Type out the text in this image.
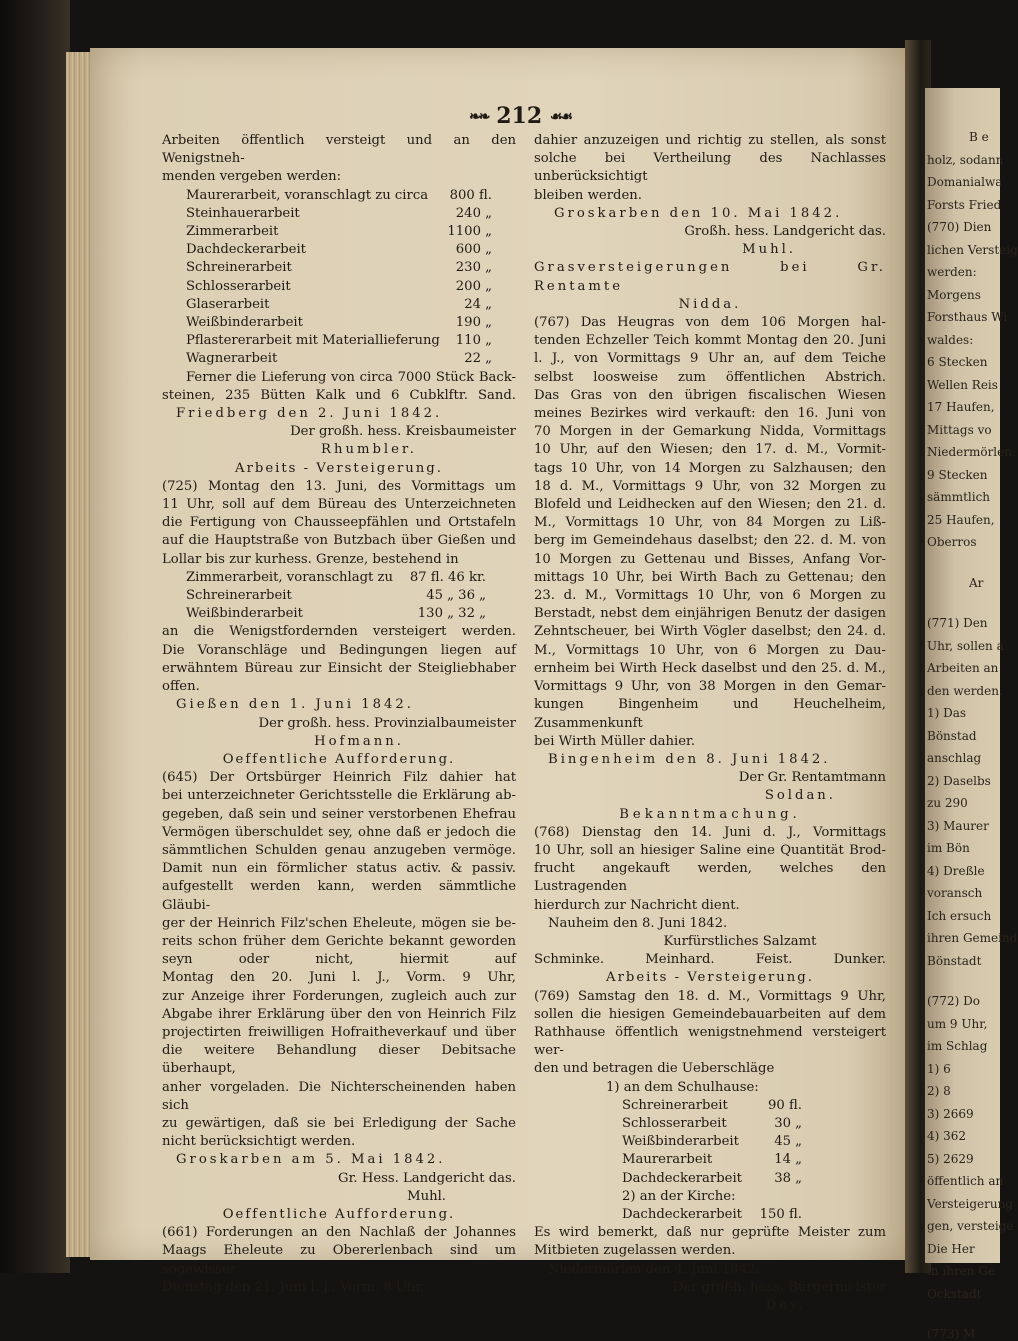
B e
holz, sodann
Domanialwa
Forsts Fried
(770) Dien
lichen Versteig
werden:
Morgens
Forsthaus Wi
waldes:
6 Stecken
Wellen Reis
17 Haufen,
Mittags vo
Niedermörlen:
9 Stecken
sämmtlich
25 Haufen,
Oberros
Ar
(771) Den
Uhr, sollen a
Arbeiten an
den werden.
1) Das
Bönstad
anschlag
2) Daselbs
zu 290
3) Maurer
im Bön
4) Dreßle
voransch
Ich ersuch
ihren Gemeind
Bönstadt
(772) Do
um 9 Uhr,
im Schlag
1) 6
2) 8
3) 2669
4) 362
5) 2629
öffentlich an
Versteigerung
gen, versteige
Die Her
in ihren Ge
Ockstadt
(773) M
❧❧ 212 ☙☙
Arbeiten öffentlich versteigt und an den Wenigstneh-
menden vergeben werden:
Maurerarbeit, voranschlagt zu circa 800 fl.
Steinhauerarbeit	240 „
Zimmerarbeit	1100 „
Dachdeckerarbeit	600 „
Schreinerarbeit	230 „
Schlosserarbeit	200 „
Glaserarbeit	24 „
Weißbinderarbeit	190 „
Pflastererarbeit mit Materiallieferung 110 „
Wagnerarbeit	22 „
Ferner die Lieferung von circa 7000 Stück Back-
steinen, 235 Bütten Kalk und 6 Cubklftr. Sand.
Friedberg den 2. Juni 1842.
Der großh. hess. Kreisbaumeister
Rhumbler.
Arbeits - Versteigerung.
(725) Montag den 13. Juni, des Vormittags um
11 Uhr, soll auf dem Büreau des Unterzeichneten
die Fertigung von Chausseepfählen und Ortstafeln
auf die Hauptstraße von Butzbach über Gießen und
Lollar bis zur kurhess. Grenze, bestehend in
Zimmerarbeit, voranschlagt zu 87 fl. 46 kr.
Schreinerarbeit	45 „ 36 „
Weißbinderarbeit	130 „ 32 „
an die Wenigstfordernden versteigert werden.
Die Voranschläge und Bedingungen liegen auf
erwähntem Büreau zur Einsicht der Steigliebhaber
offen.
Gießen den 1. Juni 1842.
Der großh. hess. Provinzialbaumeister
Hofmann.
Oeffentliche Aufforderung.
(645) Der Ortsbürger Heinrich Filz dahier hat
bei unterzeichneter Gerichtsstelle die Erklärung ab-
gegeben, daß sein und seiner verstorbenen Ehefrau
Vermögen überschuldet sey, ohne daß er jedoch die
sämmtlichen Schulden genau anzugeben vermöge.
Damit nun ein förmlicher status activ. & passiv.
aufgestellt werden kann, werden sämmtliche Gläubi-
ger der Heinrich Filz'schen Eheleute, mögen sie be-
reits schon früher dem Gerichte bekannt geworden
seyn oder nicht, hiermit auf
Montag den 20. Juni l. J., Vorm. 9 Uhr,
zur Anzeige ihrer Forderungen, zugleich auch zur
Abgabe ihrer Erklärung über den von Heinrich Filz
projectirten freiwilligen Hofraitheverkauf und über
die weitere Behandlung dieser Debitsache überhaupt,
anher vorgeladen. Die Nichterscheinenden haben sich
zu gewärtigen, daß sie bei Erledigung der Sache
nicht berücksichtigt werden.
Groskarben am 5. Mai 1842.
Gr. Hess. Landgericht das.
Muhl.
Oeffentliche Aufforderung.
(661) Forderungen an den Nachlaß der Johannes
Maags Eheleute zu Obererlenbach sind um sogewisser
Dienstag den 21. Juni l. J., Vorm. 8 Uhr,
dahier anzuzeigen und richtig zu stellen, als sonst
solche bei Vertheilung des Nachlasses unberücksichtigt
bleiben werden.
Groskarben den 10. Mai 1842.
Großh. hess. Landgericht das.
Muhl.
Grasversteigerungen bei Gr. Rentamte
Nidda.
(767) Das Heugras von dem 106 Morgen hal-
tenden Echzeller Teich kommt Montag den 20. Juni
l. J., von Vormittags 9 Uhr an, auf dem Teiche
selbst loosweise zum öffentlichen Abstrich.
Das Gras von den übrigen fiscalischen Wiesen
meines Bezirkes wird verkauft: den 16. Juni von
70 Morgen in der Gemarkung Nidda, Vormittags
10 Uhr, auf den Wiesen; den 17. d. M., Vormit-
tags 10 Uhr, von 14 Morgen zu Salzhausen; den
18 d. M., Vormittags 9 Uhr, von 32 Morgen zu
Blofeld und Leidhecken auf den Wiesen; den 21. d.
M., Vormittags 10 Uhr, von 84 Morgen zu Liß-
berg im Gemeindehaus daselbst; den 22. d. M. von
10 Morgen zu Gettenau und Bisses, Anfang Vor-
mittags 10 Uhr, bei Wirth Bach zu Gettenau; den
23. d. M., Vormittags 10 Uhr, von 6 Morgen zu
Berstadt, nebst dem einjährigen Benutz der dasigen
Zehntscheuer, bei Wirth Vögler daselbst; den 24. d.
M., Vormittags 10 Uhr, von 6 Morgen zu Dau-
ernheim bei Wirth Heck daselbst und den 25. d. M.,
Vormittags 9 Uhr, von 38 Morgen in den Gemar-
kungen Bingenheim und Heuchelheim, Zusammenkunft
bei Wirth Müller dahier.
Bingenheim den 8. Juni 1842.
Der Gr. Rentamtmann
Soldan.
Bekanntmachung.
(768) Dienstag den 14. Juni d. J., Vormittags
10 Uhr, soll an hiesiger Saline eine Quantität Brod-
frucht angekauft werden, welches den Lustragenden
hierdurch zur Nachricht dient.
Nauheim den 8. Juni 1842.
Kurfürstliches Salzamt
Schminke. Meinhard. Feist. Dunker.
Arbeits - Versteigerung.
(769) Samstag den 18. d. M., Vormittags 9 Uhr,
sollen die hiesigen Gemeindebauarbeiten auf dem
Rathhause öffentlich wenigstnehmend versteigert wer-
den und betragen die Ueberschläge
1) an dem Schulhause:
Schreinerarbeit	90 fl.
Schlosserarbeit	30 „
Weißbinderarbeit	45 „
Maurerarbeit	14 „
Dachdeckerarbeit 38 „
2) an der Kirche:
Dachdeckerarbeit 150 fl.
Es wird bemerkt, daß nur geprüfte Meister zum
Mitbieten zugelassen werden.
Niedermörlen den 4. Juni 1842.
Der großh. hess. Bürgermeister
Dey.
